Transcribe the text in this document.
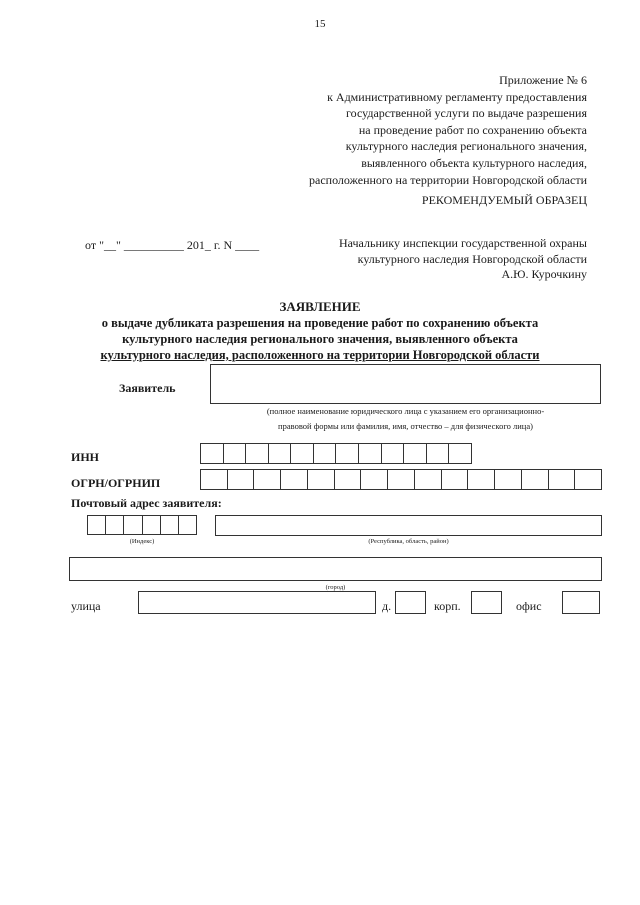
15
Приложение № 6
к Административному регламенту предоставления
государственной услуги по выдаче разрешения
на проведение работ по сохранению объекта
культурного наследия регионального значения,
выявленного объекта культурного наследия,
расположенного на территории Новгородской области
РЕКОМЕНДУЕМЫЙ ОБРАЗЕЦ
от "__" __________ 201_ г. N ____	Начальнику инспекции государственной охраны
культурного наследия Новгородской области
А.Ю. Курочкину
ЗАЯВЛЕНИЕ
о выдаче дубликата разрешения на проведение работ по сохранению объекта
культурного наследия регионального значения, выявленного объекта
культурного наследия, расположенного на территории Новгородской области
Заявитель
(полное наименование юридического лица с указанием его организационно-
правовой формы или фамилия, имя, отчество – для физического лица)
ИНН
ОГРН/ОГРНИП
Почтовый адрес заявителя:
(Индекс)	(Республика, область, район)
(город)
улица	д.	корп.	офис
